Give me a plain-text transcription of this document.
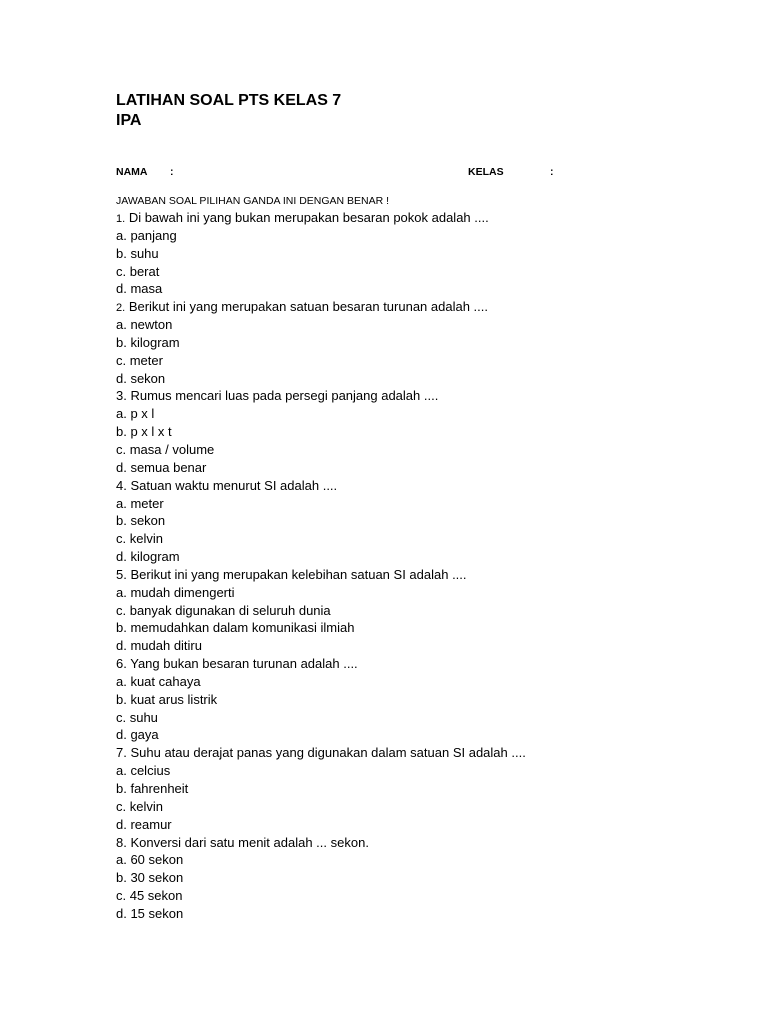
LATIHAN SOAL PTS KELAS 7
IPA
NAMA :	KELAS	:
JAWABAN SOAL PILIHAN GANDA INI DENGAN BENAR !
1. Di bawah ini yang bukan merupakan besaran pokok adalah ....
a. panjang
b. suhu
c. berat
d. masa
2. Berikut ini yang merupakan satuan besaran turunan adalah ....
a. newton
b. kilogram
c. meter
d. sekon
3. Rumus mencari luas pada persegi panjang adalah ....
a. p x l
b. p x l x t
c. masa / volume
d. semua benar
4. Satuan waktu menurut SI adalah ....
a. meter
b. sekon
c. kelvin
d. kilogram
5. Berikut ini yang merupakan kelebihan satuan SI adalah ....
a. mudah dimengerti
c. banyak digunakan di seluruh dunia
b. memudahkan dalam komunikasi ilmiah
d. mudah ditiru
6. Yang bukan besaran turunan adalah ....
a. kuat cahaya
b. kuat arus listrik
c. suhu
d. gaya
7. Suhu atau derajat panas yang digunakan dalam satuan SI adalah ....
a. celcius
b. fahrenheit
c. kelvin
d. reamur
8. Konversi dari satu menit adalah ... sekon.
a. 60 sekon
b. 30 sekon
c. 45 sekon
d. 15 sekon
